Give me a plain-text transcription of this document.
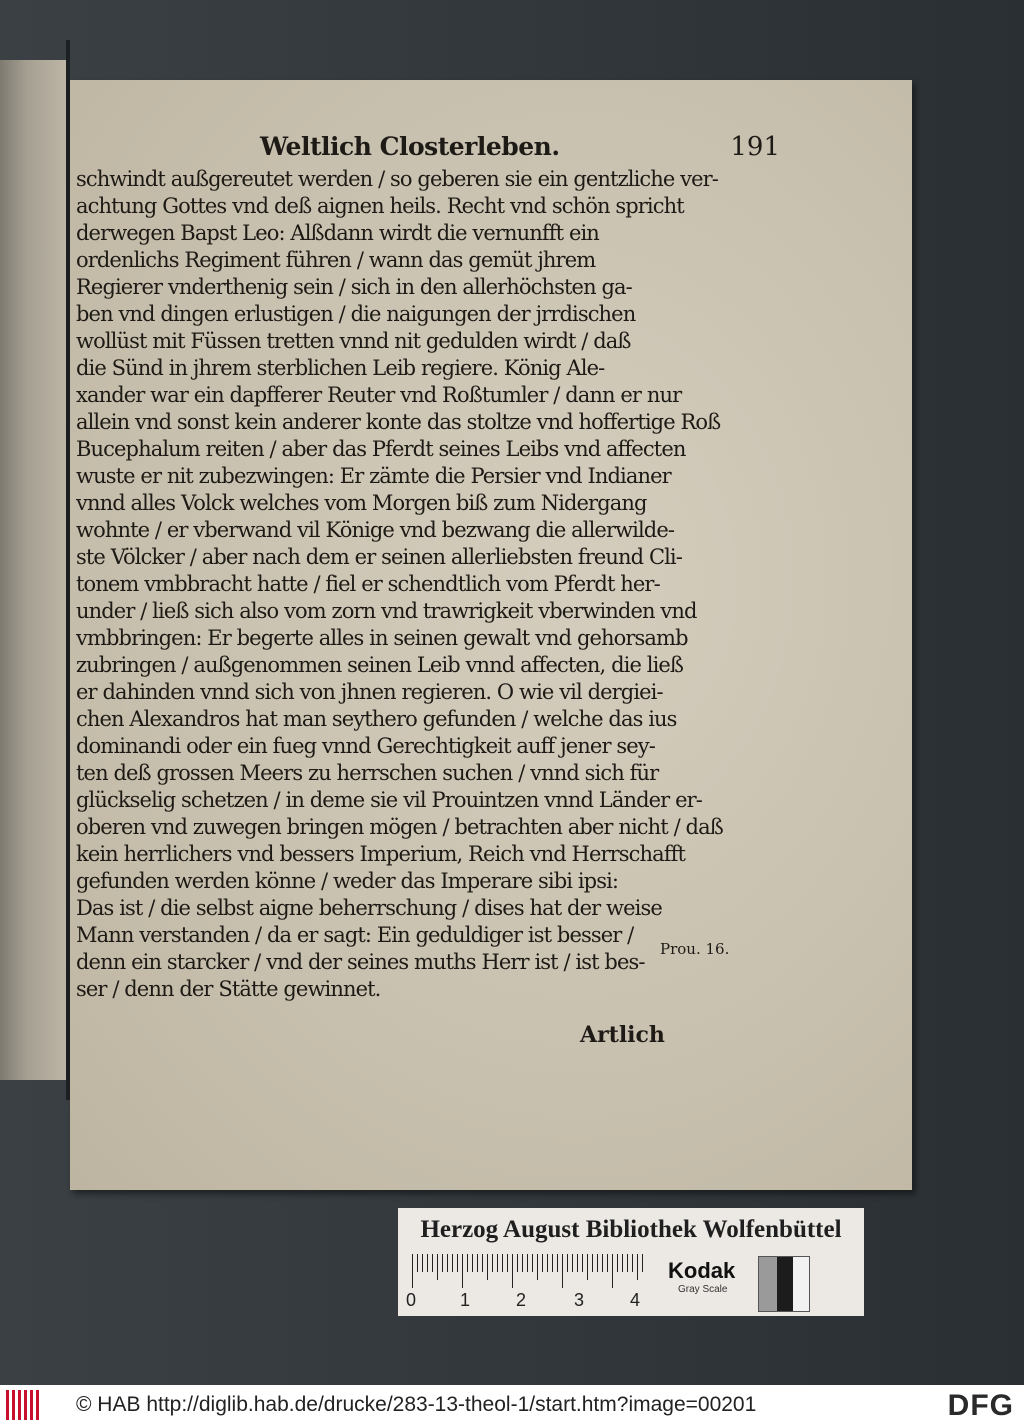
Weltlich Closterleben.	191
schwindt außgereutet werden / so geberen sie ein gentzliche ver-
achtung Gottes vnd deß aignen heils. Recht vnd schön spricht
derwegen Bapst Leo: Alßdann wirdt die vernunfft ein
ordenlichs Regiment führen / wann das gemüt jhrem
Regierer vnderthenig sein / sich in den allerhöchsten ga-
ben vnd dingen erlustigen / die naigungen der jrrdischen
wollüst mit Füssen tretten vnnd nit gedulden wirdt / daß
die Sünd in jhrem sterblichen Leib regiere. König Ale-
xander war ein dapfferer Reuter vnd Roßtumler / dann er nur
allein vnd sonst kein anderer konte das stoltze vnd hoffertige Roß
Bucephalum reiten / aber das Pferdt seines Leibs vnd affecten
wuste er nit zubezwingen: Er zämte die Persier vnd Indianer
vnnd alles Volck welches vom Morgen biß zum Nidergang
wohnte / er vberwand vil Könige vnd bezwang die allerwilde-
ste Völcker / aber nach dem er seinen allerliebsten freund Cli-
tonem vmbbracht hatte / fiel er schendtlich vom Pferdt her-
under / ließ sich also vom zorn vnd trawrigkeit vberwinden vnd
vmbbringen: Er begerte alles in seinen gewalt vnd gehorsamb
zubringen / außgenommen seinen Leib vnnd affecten, die ließ
er dahinden vnnd sich von jhnen regieren. O wie vil dergiei-
chen Alexandros hat man seythero gefunden / welche das ius
dominandi oder ein fueg vnnd Gerechtigkeit auff jener sey-
ten deß grossen Meers zu herrschen suchen / vnnd sich für
glückselig schetzen / in deme sie vil Prouintzen vnnd Länder er-
oberen vnd zuwegen bringen mögen / betrachten aber nicht / daß
kein herrlichers vnd bessers Imperium, Reich vnd Herrschafft
gefunden werden könne / weder das Imperare sibi ipsi:
Das ist / die selbst aigne beherrschung / dises hat der weise
Mann verstanden / da er sagt: Ein geduldiger ist besser /
denn ein starcker / vnd der seines muths Herr ist / ist bes-
ser / denn der Stätte gewinnet.
Prou. 16.
Artlich
Herzog August Bibliothek Wolfenbüttel
0 1	2	3	4
Kodak
Gray Scale
© HAB http://diglib.hab.de/drucke/283-13-theol-1/start.htm?image=00201	DFG
